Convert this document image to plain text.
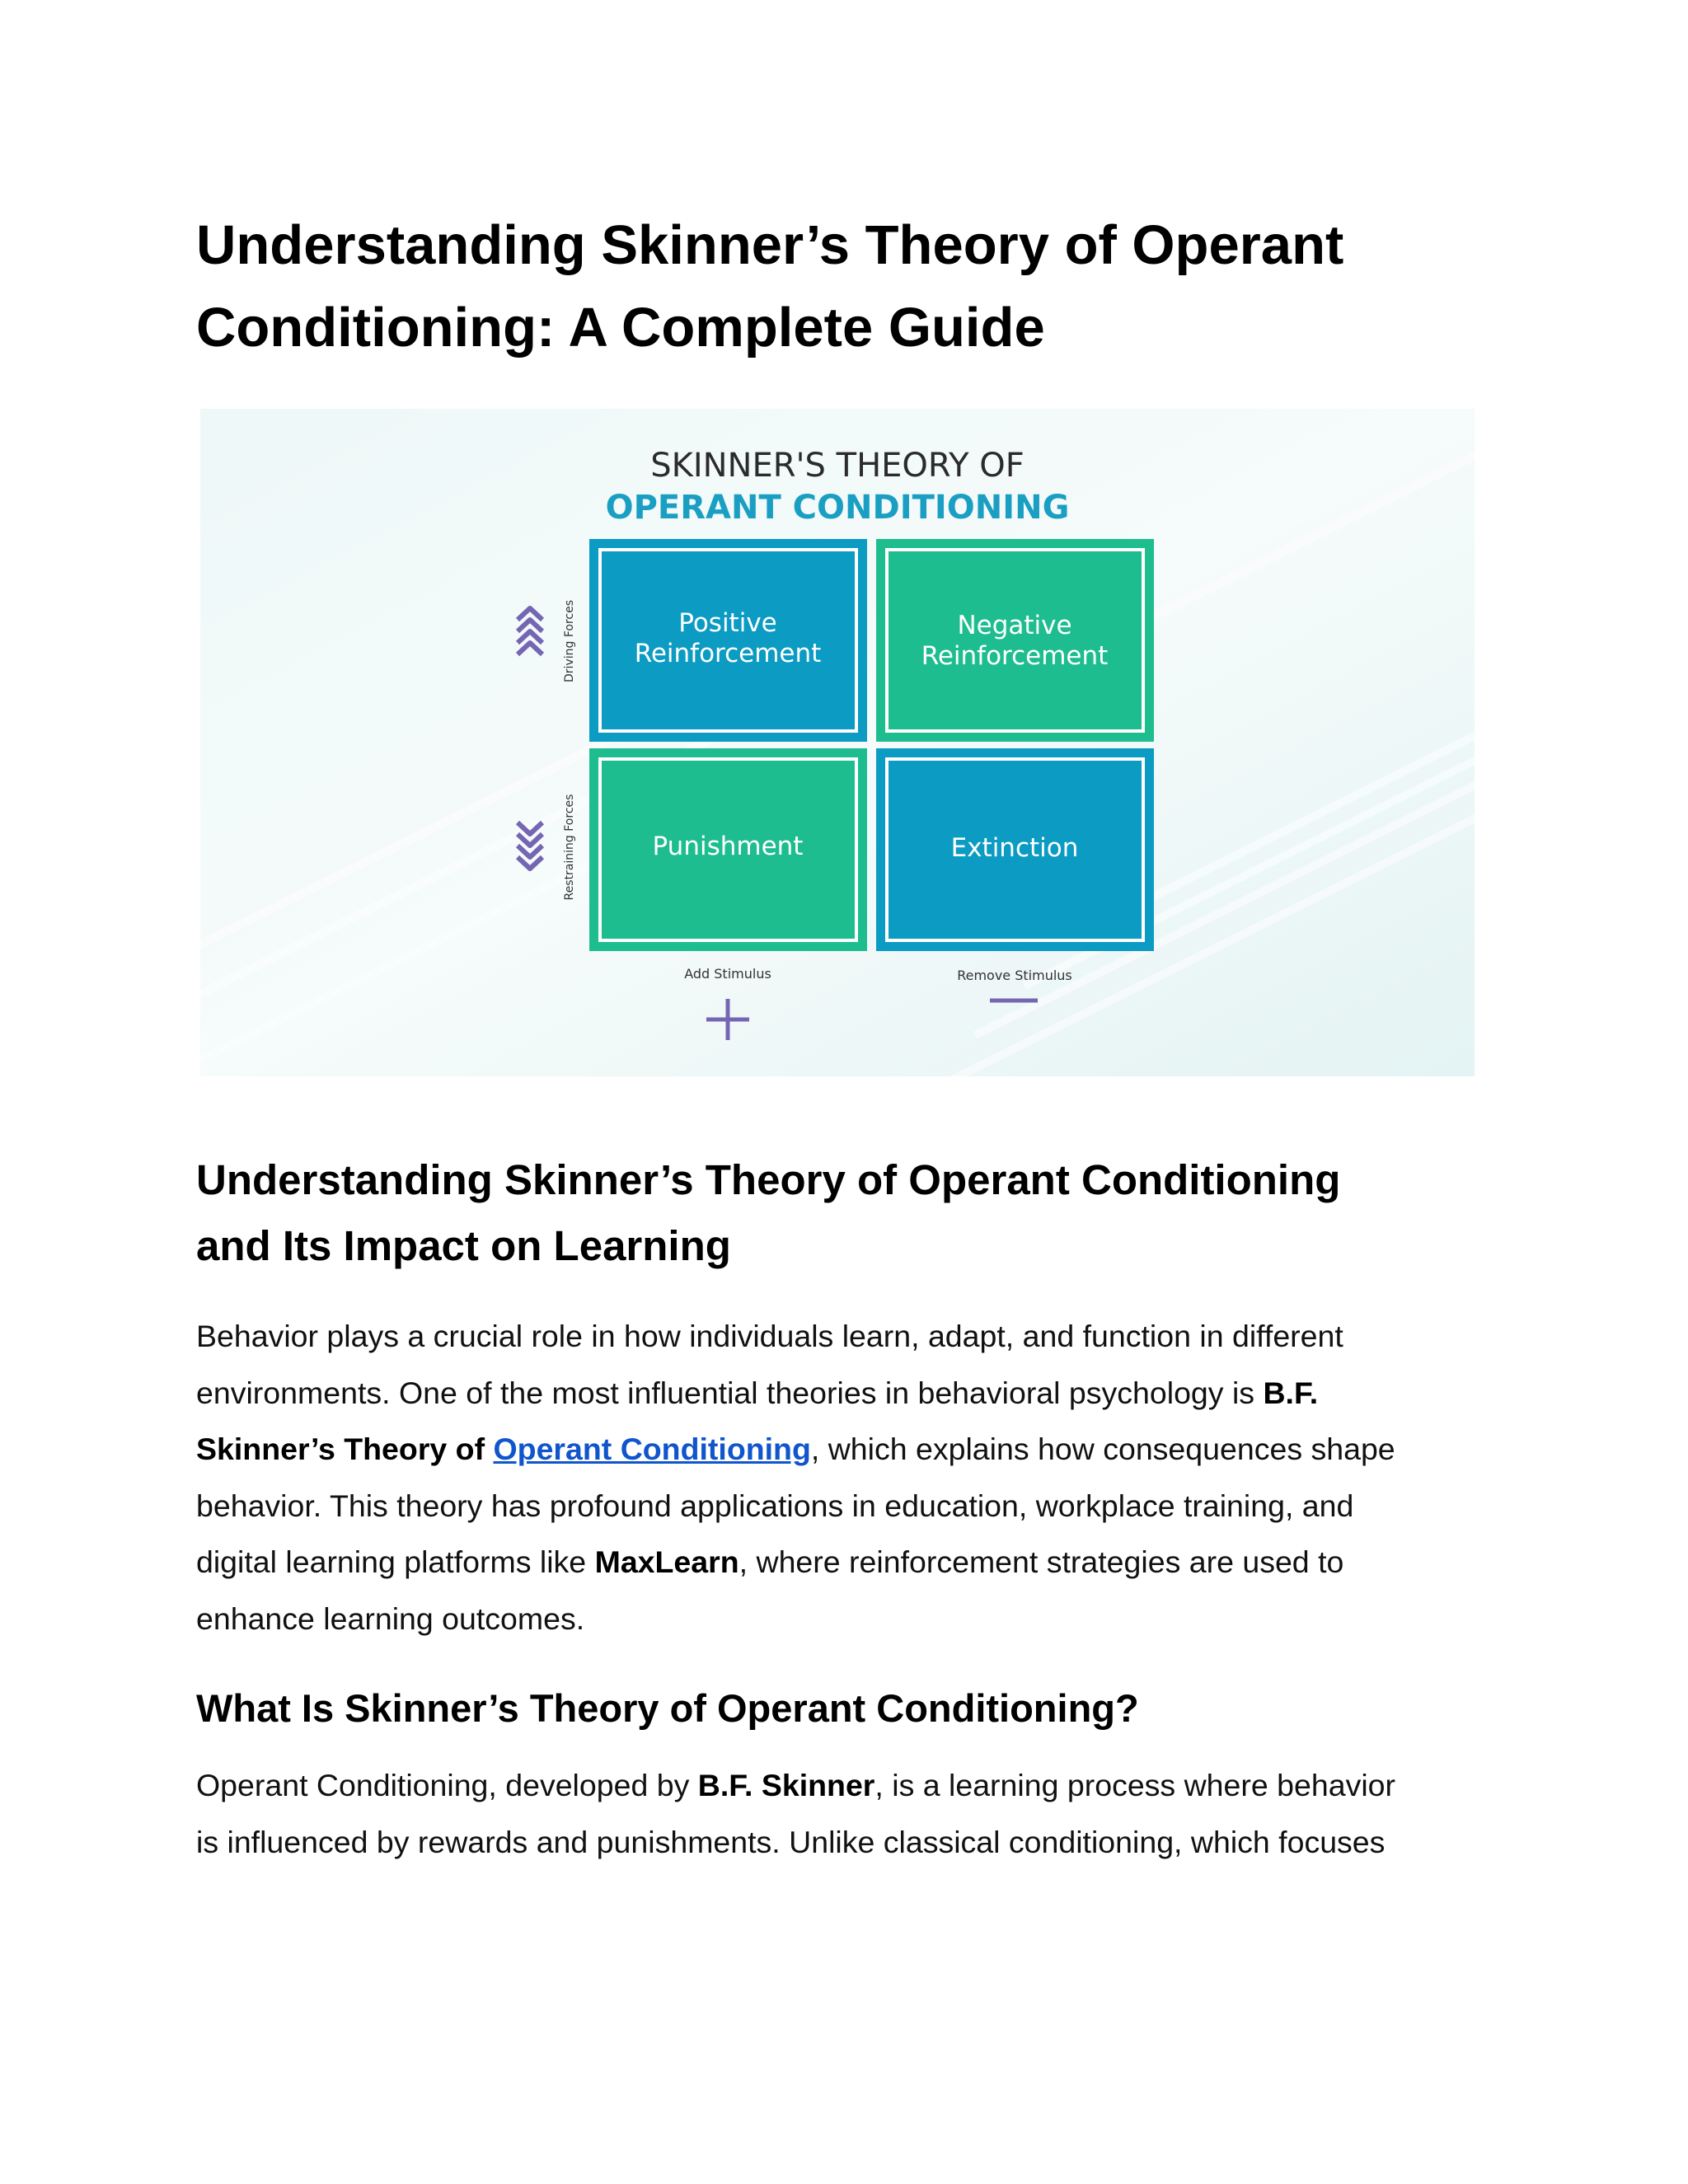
Understanding Skinner’s Theory of Operant
Conditioning: A Complete Guide
SKINNER'S THEORY OF
OPERANT CONDITIONING
Positive
Reinforcement
Negative
Reinforcement
Punishment	Extinction
Driving Forces
Restraining Forces
Add Stimulus	Remove Stimulus
Understanding Skinner’s Theory of Operant Conditioning
and Its Impact on Learning

Behavior plays a crucial role in how individuals learn, adapt, and function in different
environments. One of the most influential theories in behavioral psychology is B.F.
Skinner’s Theory of Operant Conditioning, which explains how consequences shape
behavior. This theory has profound applications in education, workplace training, and
digital learning platforms like MaxLearn, where reinforcement strategies are used to
enhance learning outcomes.

What Is Skinner’s Theory of Operant Conditioning?

Operant Conditioning, developed by B.F. Skinner, is a learning process where behavior
is influenced by rewards and punishments. Unlike classical conditioning, which focuses
